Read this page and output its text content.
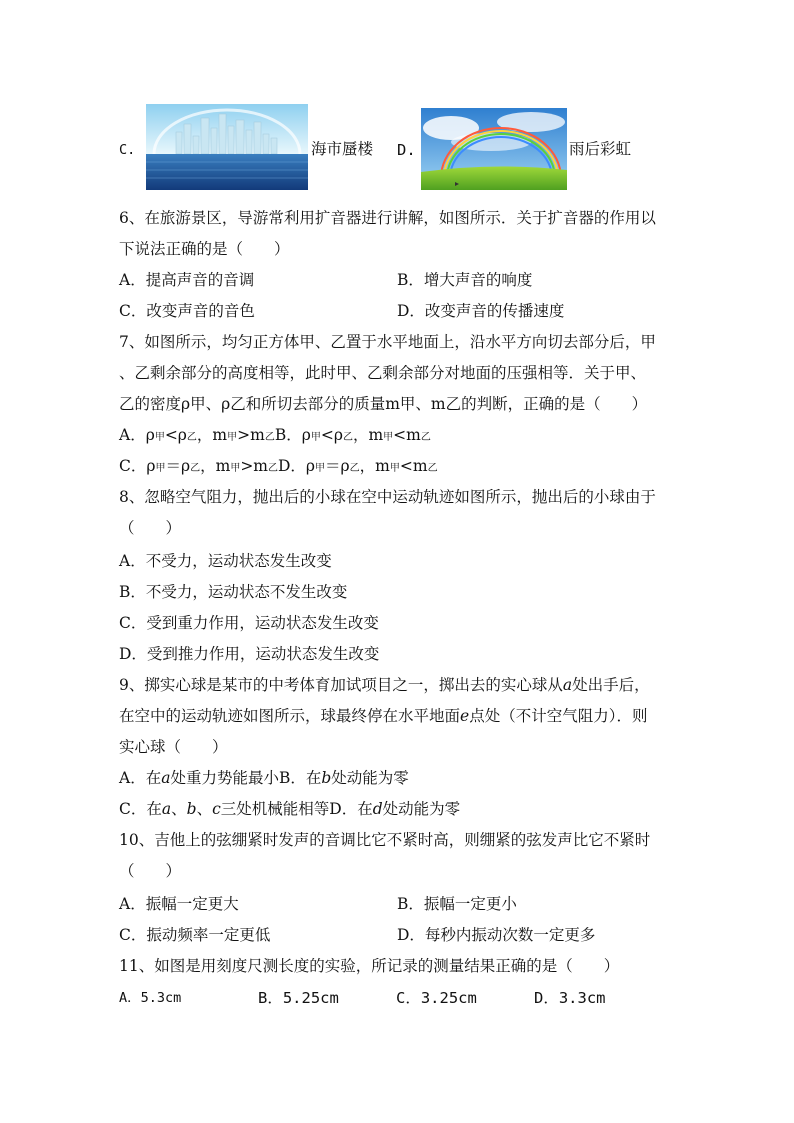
C.	海市蜃楼 D.	雨后彩虹
6、在旅游景区，导游常利用扩音器进行讲解，如图所示．关于扩音器的作用以
下说法正确的是（　　）
A．提高声音的音调	B．增大声音的响度
C．改变声音的音色	D．改变声音的传播速度
7、如图所示，均匀正方体甲、乙置于水平地面上，沿水平方向切去部分后，甲
、乙剩余部分的高度相等，此时甲、乙剩余部分对地面的压强相等．关于甲、
乙的密度ρ甲、ρ乙和所切去部分的质量m甲、m乙的判断，正确的是（　　）
A．ρ甲<ρ乙，m甲>m乙B．ρ甲<ρ乙，m甲<m乙
C．ρ甲＝ρ乙，m甲>m乙D．ρ甲＝ρ乙，m甲<m乙
8、忽略空气阻力，抛出后的小球在空中运动轨迹如图所示，抛出后的小球由于
（　　）
A．不受力，运动状态发生改变
B．不受力，运动状态不发生改变
C．受到重力作用，运动状态发生改变
D．受到推力作用，运动状态发生改变
9、掷实心球是某市的中考体育加试项目之一，掷出去的实心球从a处出手后，
在空中的运动轨迹如图所示，球最终停在水平地面e点处（不计空气阻力）．则
实心球（　　）
A．在a处重力势能最小B．在b处动能为零
C．在a、b、c三处机械能相等D．在d处动能为零
10、吉他上的弦绷紧时发声的音调比它不紧时高，则绷紧的弦发声比它不紧时
（　　）
A．振幅一定更大	B．振幅一定更小
C．振动频率一定更低	D．每秒内振动次数一定更多
11、如图是用刻度尺测长度的实验，所记录的测量结果正确的是（　　）
A．5.3cm	B．5.25cm	C．3.25cm	D．3.3cm
